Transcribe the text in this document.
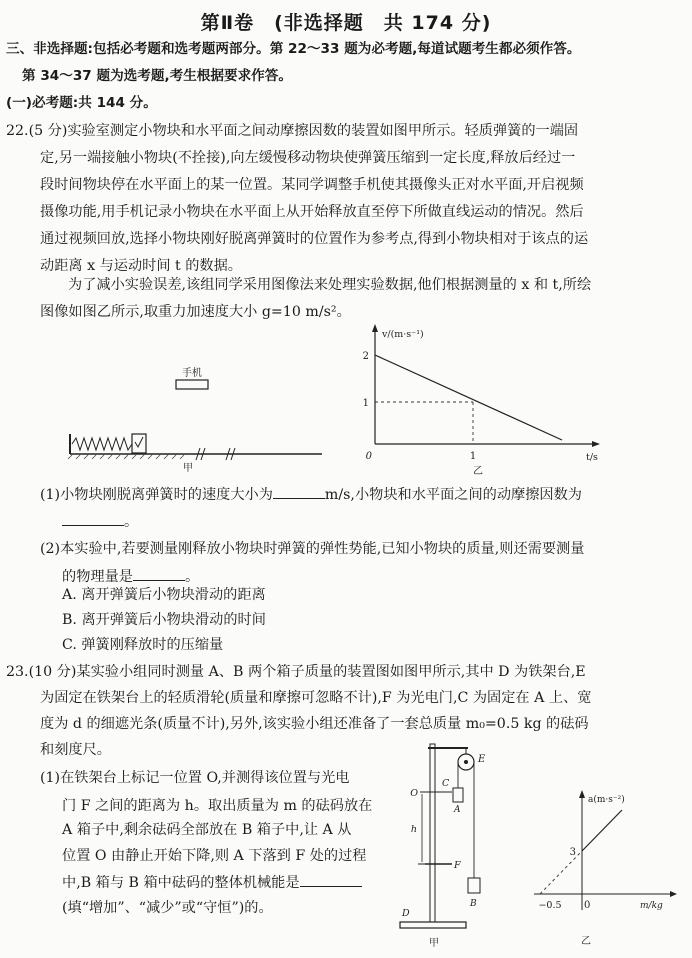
第Ⅱ卷　(非选择题　共 174 分)
三、非选择题:包括必考题和选考题两部分。第 22～33 题为必考题,每道试题考生都必须作答。
第 34～37 题为选考题,考生根据要求作答。
(一)必考题:共 144 分。
22.(5 分)实验室测定小物块和水平面之间动摩擦因数的装置如图甲所示。轻质弹簧的一端固
定,另一端接触小物块(不拴接),向左缓慢移动物块使弹簧压缩到一定长度,释放后经过一
段时间物块停在水平面上的某一位置。某同学调整手机使其摄像头正对水平面,开启视频
摄像功能,用手机记录小物块在水平面上从开始释放直至停下所做直线运动的情况。然后
通过视频回放,选择小物块刚好脱离弹簧时的位置作为参考点,得到小物块相对于该点的运
动距离 x 与运动时间 t 的数据。
为了减小实验误差,该组同学采用图像法来处理实验数据,他们根据测量的 x 和 t,所绘
图像如图乙所示,取重力加速度大小 g=10 m/s²。
手机
甲
v/(m·s⁻¹)
t/s
0
2
1
1
乙
(1)小物块刚脱离弹簧时的速度大小为	m/s,小物块和水平面之间的动摩擦因数为
。
(2)本实验中,若要测量刚释放小物块时弹簧的弹性势能,已知小物块的质量,则还需要测量
的物理量是	。
A. 离开弹簧后小物块滑动的距离
B. 离开弹簧后小物块滑动的时间
C. 弹簧刚释放时的压缩量
23.(10 分)某实验小组同时测量 A、B 两个箱子质量的装置图如图甲所示,其中 D 为铁架台,E
为固定在铁架台上的轻质滑轮(质量和摩擦可忽略不计),F 为光电门,C 为固定在 A 上、宽
度为 d 的细遮光条(质量不计),另外,该实验小组还准备了一套总质量 m₀=0.5 kg 的砝码
和刻度尺。
(1)在铁架台上标记一位置 O,并测得该位置与光电
门 F 之间的距离为 h。取出质量为 m 的砝码放在
A 箱子中,剩余砝码全部放在 B 箱子中,让 A 从
位置 O 由静止开始下降,则 A 下落到 F 处的过程
中,B 箱与 B 箱中砝码的整体机械能是
(填“增加”、“减少”或“守恒”)的。
E
C
A
O
h
F
B
D
甲
a(m·s⁻²)
m/kg
0
3
−0.5
乙
